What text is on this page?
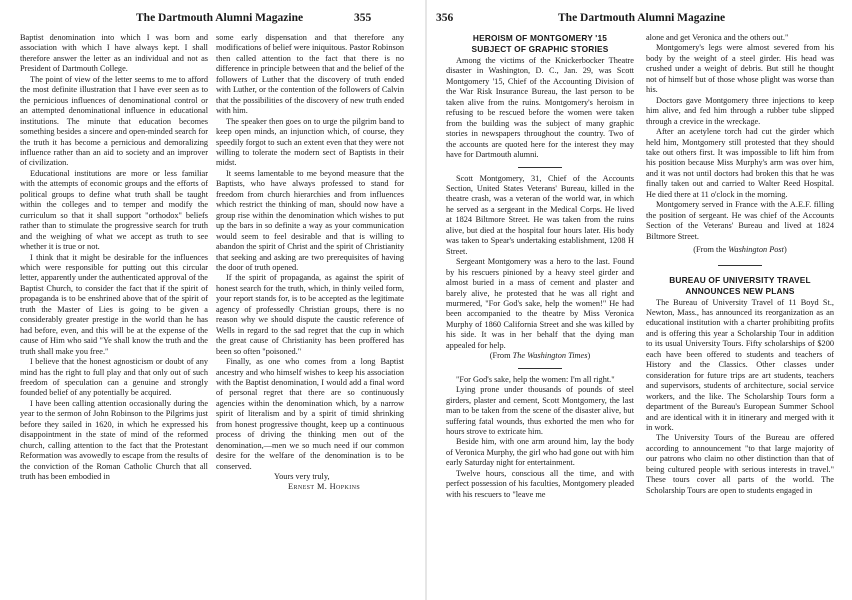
The Dartmouth Alumni Magazine	355

Baptist denomination into which I was born and association with which I have always kept. I shall therefore answer the letter as an individual and not as President of Dartmouth College.

The point of view of the letter seems to me to afford the most definite illustration that I have ever seen as to the pernicious influences of denominational control or an attempted denominational influence in educational institutions. The minute that education becomes something besides a sincere and open-minded search for the truth it has become a pernicious and demoralizing influence rather than an aid to society and an improver of civilization.

Educational institutions are more or less familiar with the attempts of economic groups and the efforts of political groups to define what truth shall be taught within the colleges and to temper and modify the curriculum so that it shall support "orthodox" beliefs rather than to stimulate the progressive search for truth and the weighing of what we accept as truth to see whether it is true or not.

I think that it might be desirable for the influences which were responsible for putting out this circular letter, apparently under the authenticated approval of the Baptist Church, to consider the fact that if the spirit of propaganda is to be enshrined above that of the spirit of truth the Master of Lies is going to be given a considerably greater prestige in the world than he has had before, even, and this will be at the expense of the cause of Him who said "Ye shall know the truth and the truth shall make you free."

I believe that the honest agnosticism or doubt of any mind has the right to full play and that only out of such freedom of speculation can a genuine and strongly founded belief of any potentially be acquired.

I have been calling attention occasionally during the year to the sermon of John Robinson to the Pilgrims just before they sailed in 1620, in which he expressed his disappointment in the state of mind of the reformed church, calling attention to the fact that the Protestant Reformation was avowedly to escape from the results of the conviction of the Roman Catholic Church that all truth has been embodied in

some early dispensation and that therefore any modifications of belief were iniquitous. Pastor Robinson then called attention to the fact that there is no difference in principle between that and the belief of the followers of Luther that the discovery of truth ended with Luther, or the contention of the followers of Calvin that the possibilities of the discovery of new truth ended with him.

The speaker then goes on to urge the pilgrim band to keep open minds, an injunction which, of course, they speedily forgot to such an extent even that they were not willing to tolerate the modern sect of Baptists in their midst.

It seems lamentable to me beyond measure that the Baptists, who have always professed to stand for freedom from church hierarchies and from influences which restrict the thinking of man, should now have a group rise within the denomination which wishes to put up the bars in so definite a way as your communication would seem to feel desirable and that is willing to abandon the spirit of Christ and the spirit of Christianity that seeking and asking are two prerequisites of having the door of truth opened.

If the spirit of propaganda, as against the spirit of honest search for the truth, which, in thinly veiled form, your report stands for, is to be accepted as the legitimate agency of professedly Christian groups, there is no reason why we should dispute the caustic reference of Wells in regard to the sad regret that the cup in which the great cause of Christianity has been proffered has been so often "poisoned."

Finally, as one who comes from a long Baptist ancestry and who himself wishes to keep his association with the Baptist denomination, I would add a final word of personal regret that there are so continuously agencies within the denomination which, by a narrow spirit of literalism and by a spirit of timid shrinking from honest progressive thought, keep up a continuous process of driving the thinking men out of the denomination,—men we so much need if our common desire for the welfare of the denomination is to be conserved.

Yours very truly,

Ernest M. Hopkins

356	The Dartmouth Alumni Magazine
HEROISM OF MONTGOMERY '15
SUBJECT OF GRAPHIC STORIES

Among the victims of the Knickerbocker Theatre disaster in Washington, D. C., Jan. 29, was Scott Montgomery '15, Chief of the Accounting Division of the War Risk Insurance Bureau, the last person to be taken alive from the ruins. Montgomery's heroism in refusing to be rescued before the women were taken from the building was the subject of many graphic stories in newspapers throughout the country. Two of the accounts are quoted here for the interest they may have for Dartmouth alumni.

Scott Montgomery, 31, Chief of the Accounts Section, United States Veterans' Bureau, killed in the theatre crash, was a veteran of the world war, in which he served as a sergeant in the Medical Corps. He lived at 1824 Biltmore Street. He was taken from the ruins alive, but died at the hospital four hours later. His body was taken to Spear's undertaking establishment, 1208 H Street.

Sergeant Montgomery was a hero to the last. Found by his rescuers pinioned by a heavy steel girder and almost buried in a mass of cement and plaster and barely alive, he protested that he was all right and murmered, "For God's sake, help the women!" He had been accompanied to the theatre by Miss Veronica Murphy of 1860 California Street and she was killed by his side. It was in her behalf that the dying man appealed for help.

(From The Washington Times)

"For God's sake, help the women: I'm all right."

Lying prone under thousands of pounds of steel girders, plaster and cement, Scott Montgomery, the last man to be taken from the scene of the disaster alive, but suffering fatal wounds, thus exhorted the men who for hours strove to extricate him.

Beside him, with one arm around him, lay the body of Veronica Murphy, the girl who had gone out with him early Saturday night for entertainment.

Twelve hours, conscious all the time, and with perfect possession of his faculties, Montgomery pleaded with his rescuers to "leave me

alone and get Veronica and the others out."

Montgomery's legs were almost severed from his body by the weight of a steel girder. His head was crushed under a weight of debris. But still he thought not of himself but of those whose plight was worse than his.

Doctors gave Montgomery three injections to keep him alive, and fed him through a rubber tube slipped through a crevice in the wreckage.

After an acetylene torch had cut the girder which held him, Montgomery still protested that they should take out others first. It was impossible to lift him from his position because Miss Murphy's arm was over him, and it was not until doctors had broken this that he was finally taken out and carried to Walter Reed Hospital. He died there at 11 o'clock in the morning.

Montgomery served in France with the A.E.F. filling the position of sergeant. He was chief of the Accounts Section of the Veterans' Bureau and lived at 1824 Biltmore Street.

(From the Washington Post)

BUREAU OF UNIVERSITY TRAVEL
ANNOUNCES NEW PLANS

The Bureau of University Travel of 11 Boyd St., Newton, Mass., has announced its reorganization as an educational institution with a charter prohibiting profits and is offering this year a Scholarship Tour in addition to its usual University Tours. Fifty scholarships of $200 each have been offered to students and teachers of History and the Classics. Other classes under consideration for future trips are art students, teachers and supervisors, students of architecture, social service workers, and the like. The Scholarship Tours form a department of the Bureau's European Summer School and are identical with it in itinerary and merged with it in work.

The University Tours of the Bureau are offered according to announcement "to that large majority of our patrons who claim no other distinction than that of being cultured people with serious interests in travel." These tours cover all parts of the world. The Scholarship Tours are open to students engaged in
